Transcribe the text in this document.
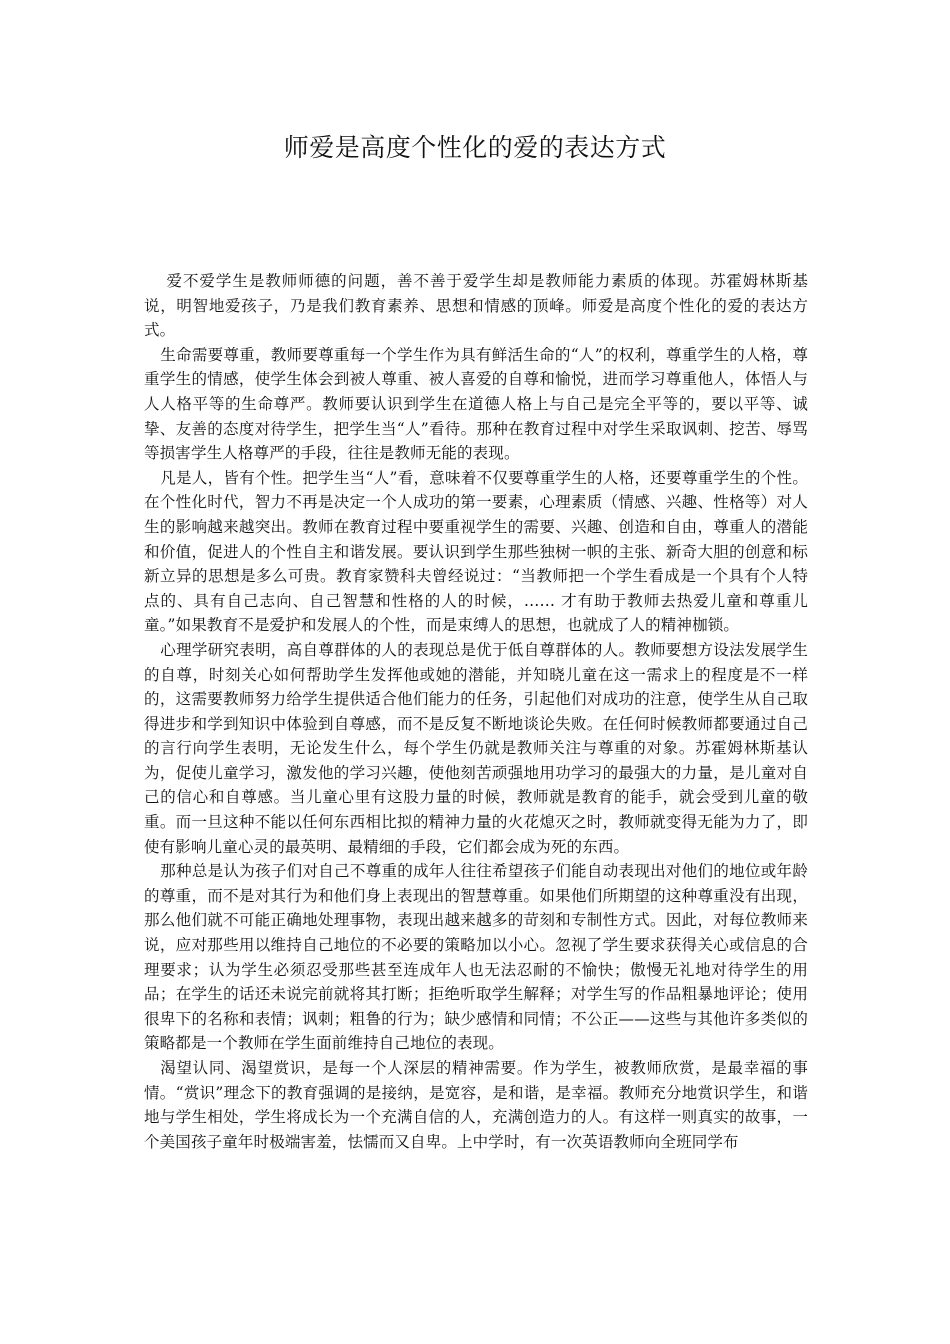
师爱是高度个性化的爱的表达方式

爱不爱学生是教师师德的问题，善不善于爱学生却是教师能力素质的体现。苏霍姆林斯基说，明智地爱孩子，乃是我们教育素养、思想和情感的顶峰。师爱是高度个性化的爱的表达方式。

生命需要尊重，教师要尊重每一个学生作为具有鲜活生命的“人”的权利，尊重学生的人格，尊重学生的情感，使学生体会到被人尊重、被人喜爱的自尊和愉悦，进而学习尊重他人，体悟人与人人格平等的生命尊严。教师要认识到学生在道德人格上与自己是完全平等的，要以平等、诚挚、友善的态度对待学生，把学生当“人”看待。那种在教育过程中对学生采取讽刺、挖苦、辱骂等损害学生人格尊严的手段，往往是教师无能的表现。

凡是人，皆有个性。把学生当“人”看，意味着不仅要尊重学生的人格，还要尊重学生的个性。在个性化时代，智力不再是决定一个人成功的第一要素，心理素质（情感、兴趣、性格等）对人生的影响越来越突出。教师在教育过程中要重视学生的需要、兴趣、创造和自由，尊重人的潜能和价值，促进人的个性自主和谐发展。要认识到学生那些独树一帜的主张、新奇大胆的创意和标新立异的思想是多么可贵。教育家赞科夫曾经说过：“当教师把一个学生看成是一个具有个人特点的、具有自己志向、自己智慧和性格的人的时候，…… 才有助于教师去热爱儿童和尊重儿童。”如果教育不是爱护和发展人的个性，而是束缚人的思想，也就成了人的精神枷锁。

心理学研究表明，高自尊群体的人的表现总是优于低自尊群体的人。教师要想方设法发展学生的自尊，时刻关心如何帮助学生发挥他或她的潜能，并知晓儿童在这一需求上的程度是不一样的，这需要教师努力给学生提供适合他们能力的任务，引起他们对成功的注意，使学生从自己取得进步和学到知识中体验到自尊感，而不是反复不断地谈论失败。在任何时候教师都要通过自己的言行向学生表明，无论发生什么，每个学生仍就是教师关注与尊重的对象。苏霍姆林斯基认为，促使儿童学习，激发他的学习兴趣，使他刻苦顽强地用功学习的最强大的力量，是儿童对自己的信心和自尊感。当儿童心里有这股力量的时候，教师就是教育的能手，就会受到儿童的敬重。而一旦这种不能以任何东西相比拟的精神力量的火花熄灭之时，教师就变得无能为力了，即使有影响儿童心灵的最英明、最精细的手段，它们都会成为死的东西。

那种总是认为孩子们对自己不尊重的成年人往往希望孩子们能自动表现出对他们的地位或年龄的尊重，而不是对其行为和他们身上表现出的智慧尊重。如果他们所期望的这种尊重没有出现，那么他们就不可能正确地处理事物，表现出越来越多的苛刻和专制性方式。因此，对每位教师来说，应对那些用以维持自己地位的不必要的策略加以小心。忽视了学生要求获得关心或信息的合理要求；认为学生必须忍受那些甚至连成年人也无法忍耐的不愉快；傲慢无礼地对待学生的用品；在学生的话还未说完前就将其打断；拒绝听取学生解释；对学生写的作品粗暴地评论；使用很卑下的名称和表情；讽刺；粗鲁的行为；缺少感情和同情；不公正——这些与其他许多类似的策略都是一个教师在学生面前维持自己地位的表现。

渴望认同、渴望赏识，是每一个人深层的精神需要。作为学生，被教师欣赏，是最幸福的事情。“赏识”理念下的教育强调的是接纳，是宽容，是和谐，是幸福。教师充分地赏识学生，和谐地与学生相处，学生将成长为一个充满自信的人，充满创造力的人。有这样一则真实的故事，一个美国孩子童年时极端害羞，怯懦而又自卑。上中学时，有一次英语教师向全班同学布
